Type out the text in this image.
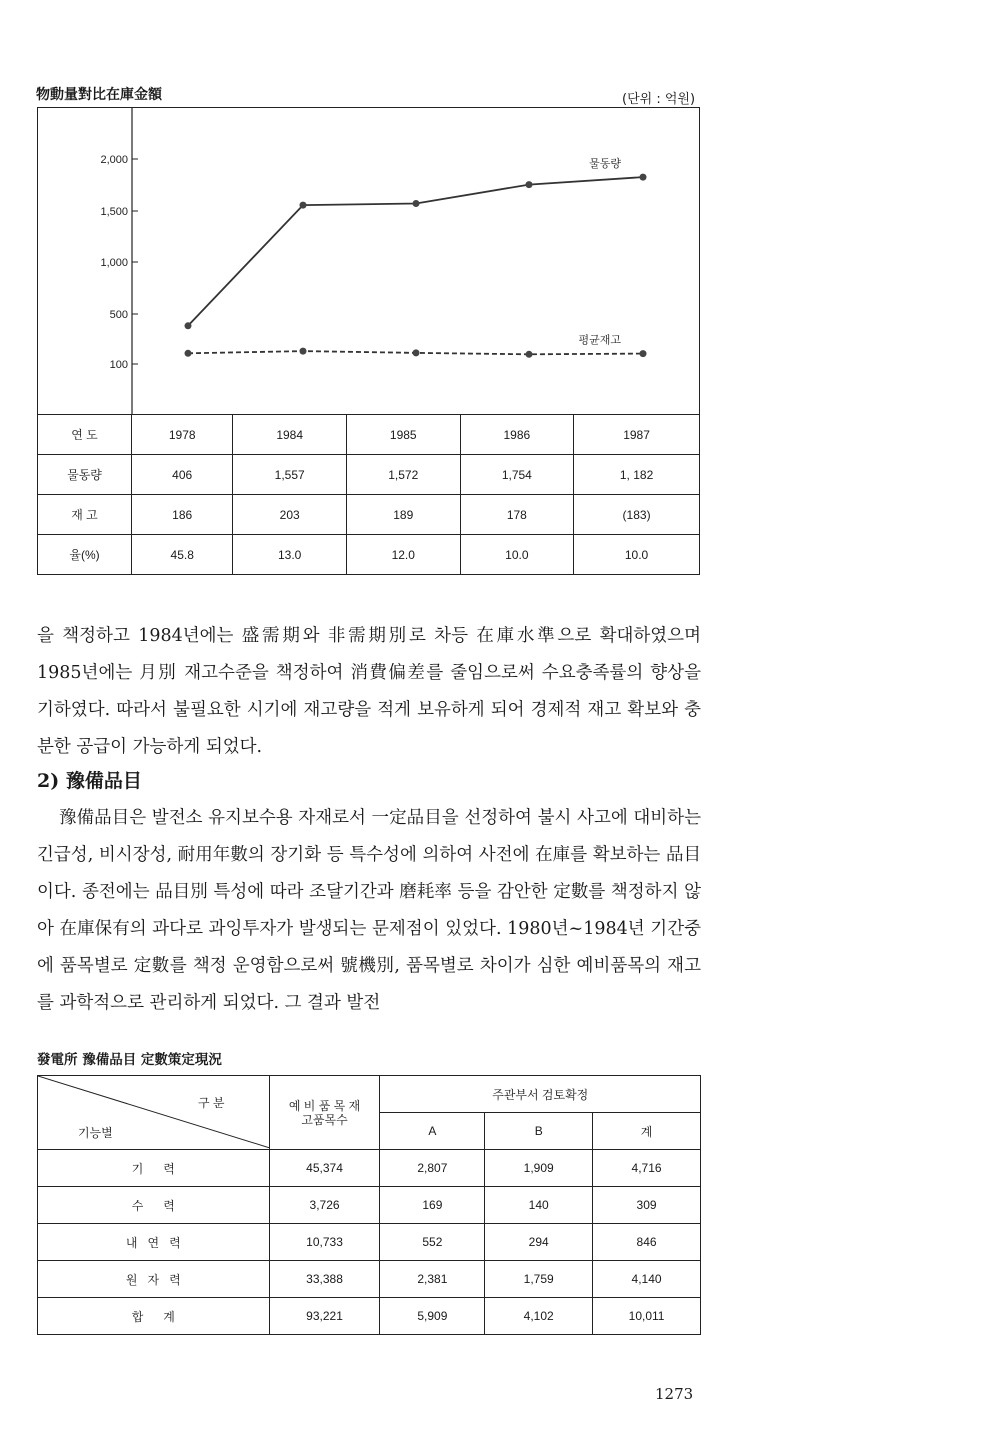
物動量對比在庫金額	(단위 : 억원)
100
500
1,000
1,500
2,000	물동량
평균재고
연 도	1978	1984	1985	1986	1987
물동량	406	1,557	1,572	1,754	1, 182
재 고	186	203	189	178	(183)
율(%)	45.8	13.0	12.0	10.0	10.0

을 책정하고 1984년에는 盛需期와 非需期別로 차등 在庫水準으로 확대하였으며 1985년에는 月別 재고수준을 책정하여 消費偏差를 줄임으로써 수요충족률의 향상을 기하였다. 따라서 불필요한 시기에 재고량을 적게 보유하게 되어 경제적 재고 확보와 충분한 공급이 가능하게 되었다.

2) 豫備品目

豫備品目은 발전소 유지보수용 자재로서 一定品目을 선정하여 불시 사고에 대비하는 긴급성, 비시장성, 耐用年數의 장기화 등 특수성에 의하여 사전에 在庫를 확보하는 品目이다. 종전에는 品目別 특성에 따라 조달기간과 磨耗率 등을 감안한 定數를 책정하지 않아 在庫保有의 과다로 과잉투자가 발생되는 문제점이 있었다. 1980년~1984년 기간중에 품목별로 定數를 책정 운영함으로써 號機別, 품목별로 차이가 심한 예비품목의 재고를 과학적으로 관리하게 되었다. 그 결과 발전

發電所 豫備品目 定數策定現況
구 분
기능별	예 비 품 목 재고품목수	주관부서 검토확정		
		A	B	계
기      력	45,374	2,807	1,909	4,716
수      력	3,726	169	140	309
내   연   력	10,733	552	294	846
원   자   력	33,388	2,381	1,759	4,140
합      계	93,221	5,909	4,102	10,011
1273
